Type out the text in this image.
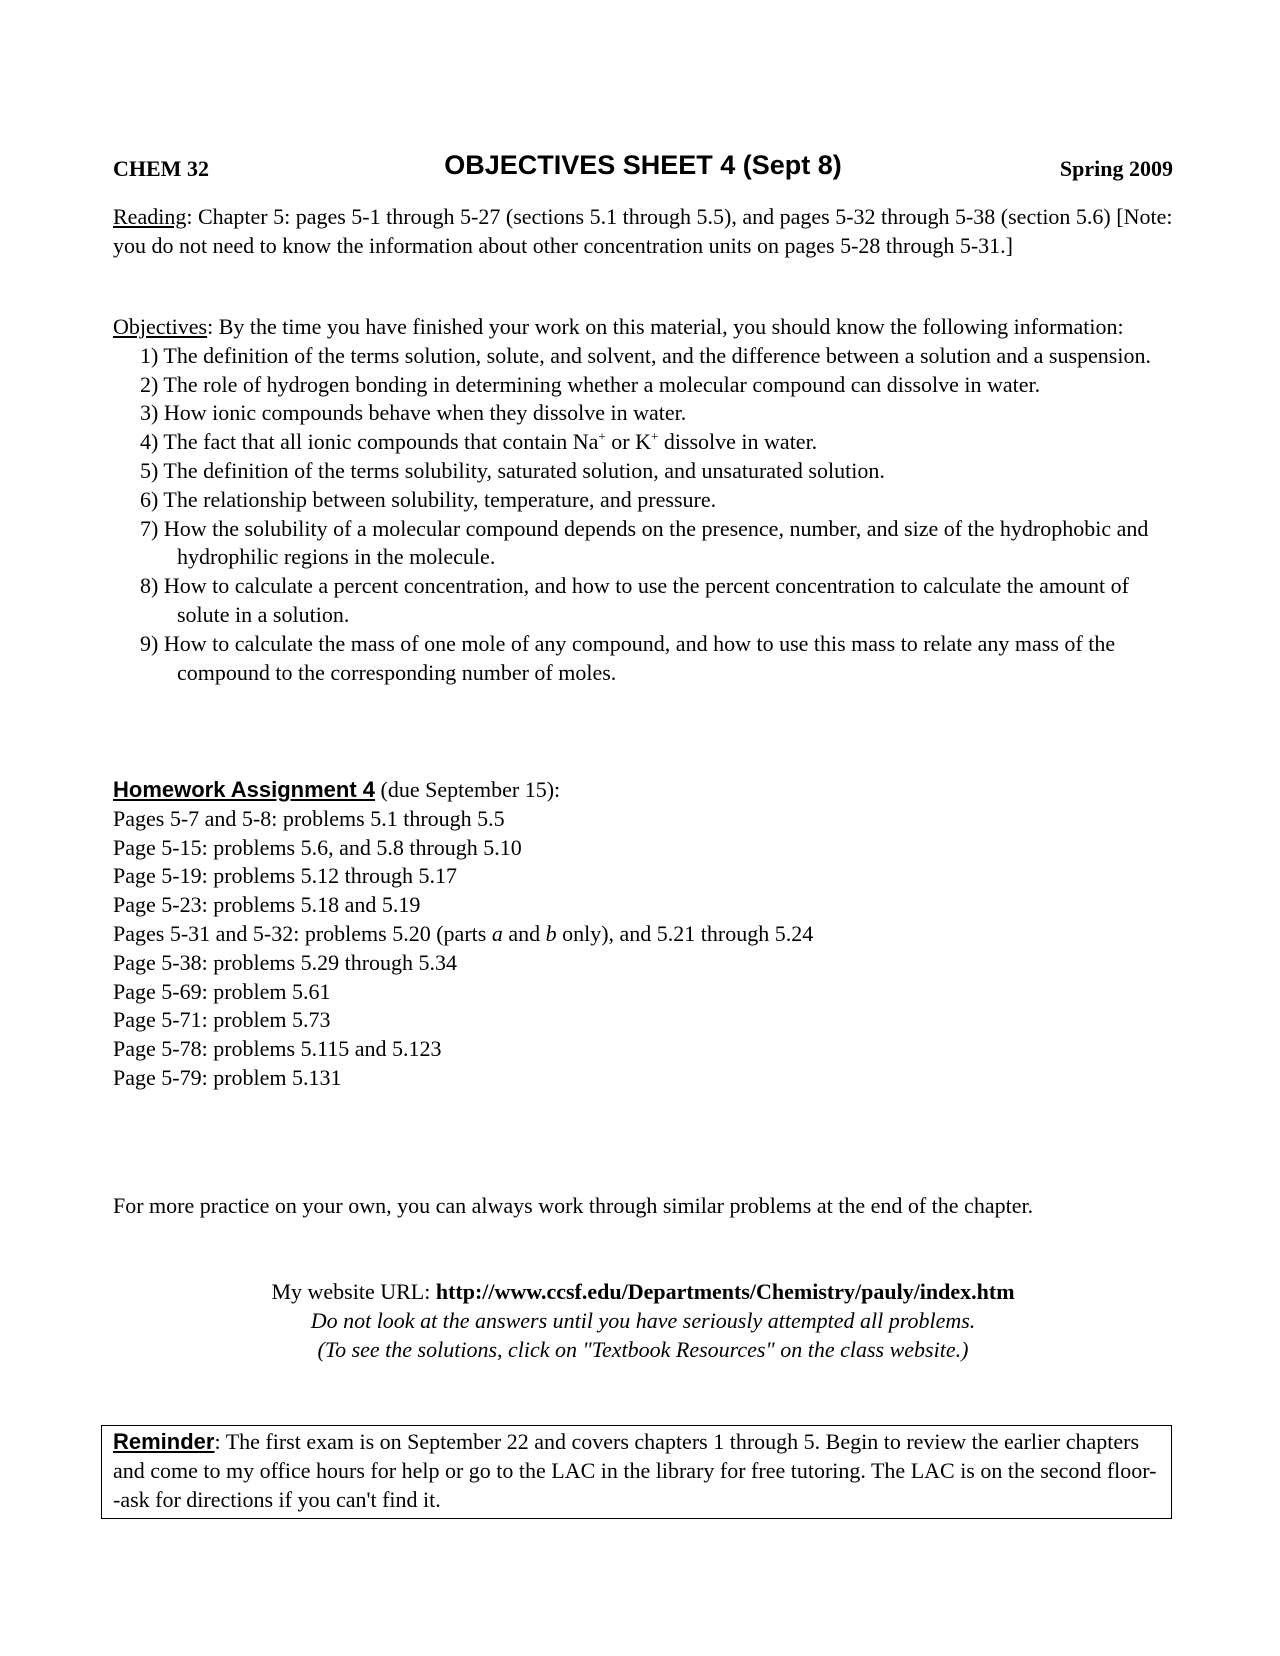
CHEM 32	OBJECTIVES SHEET 4 (Sept 8)	Spring 2009
Reading: Chapter 5: pages 5-1 through 5-27 (sections 5.1 through 5.5), and pages 5-32 through 5-38 (section 5.6) [Note: you do not need to know the information about other concentration units on pages 5-28 through 5-31.]
Objectives: By the time you have finished your work on this material, you should know the following information:
1) The definition of the terms solution, solute, and solvent, and the difference between a solution and a suspension.
2) The role of hydrogen bonding in determining whether a molecular compound can dissolve in water.
3) How ionic compounds behave when they dissolve in water.
4) The fact that all ionic compounds that contain Na+ or K+ dissolve in water.
5) The definition of the terms solubility, saturated solution, and unsaturated solution.
6) The relationship between solubility, temperature, and pressure.
7) How the solubility of a molecular compound depends on the presence, number, and size of the hydrophobic and hydrophilic regions in the molecule.
8) How to calculate a percent concentration, and how to use the percent concentration to calculate the amount of solute in a solution.
9) How to calculate the mass of one mole of any compound, and how to use this mass to relate any mass of the compound to the corresponding number of moles.
Homework Assignment 4 (due September 15):
Pages 5-7 and 5-8: problems 5.1 through 5.5
Page 5-15: problems 5.6, and 5.8 through 5.10
Page 5-19: problems 5.12 through 5.17
Page 5-23: problems 5.18 and 5.19
Pages 5-31 and 5-32: problems 5.20 (parts a and b only), and 5.21 through 5.24
Page 5-38: problems 5.29 through 5.34
Page 5-69: problem 5.61
Page 5-71: problem 5.73
Page 5-78: problems 5.115 and 5.123
Page 5-79: problem 5.131
For more practice on your own, you can always work through similar problems at the end of the chapter.
My website URL: http://www.ccsf.edu/Departments/Chemistry/pauly/index.htm
Do not look at the answers until you have seriously attempted all problems.
(To see the solutions, click on "Textbook Resources" on the class website.)
Reminder: The first exam is on September 22 and covers chapters 1 through 5. Begin to review the earlier chapters and come to my office hours for help or go to the LAC in the library for free tutoring. The LAC is on the second floor--ask for directions if you can't find it.
